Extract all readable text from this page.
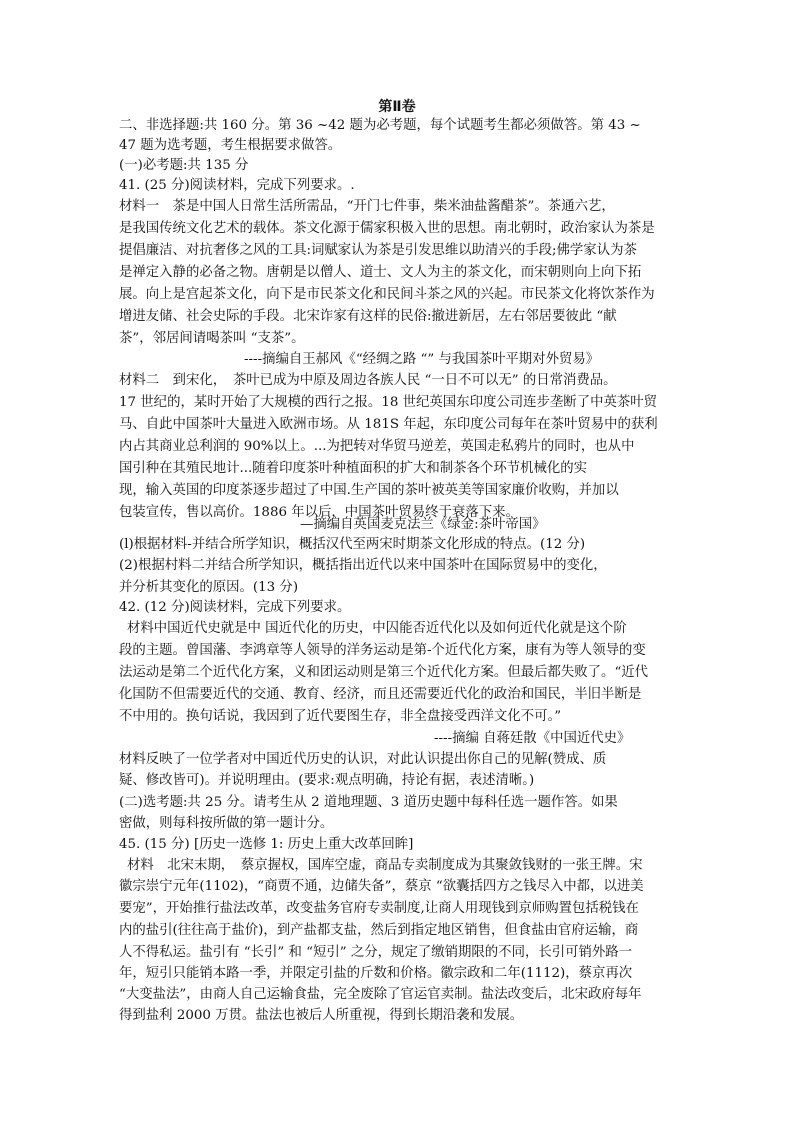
第Ⅱ卷
二、非选择题:共 160 分。第 36 ~42 题为必考题，每个试题考生都必须做答。第 43 ~
47 题为选考题，考生根据要求做答。
(一)必考题:共 135 分
41. (25 分)阅读材料，完成下列要求。.
材料一　茶是中国人日常生活所需品，“开门七件事，柴米油盐酱醋茶”。茶通六艺，
是我国传统文化艺术的载体。茶文化源于儒家积极入世的思想。南北朝时，政治家认为茶是
提倡廉洁、对抗奢侈之风的工具:词赋家认为茶是引发思维以助清兴的手段;佛学家认为茶
是禅定入静的必备之物。唐朝是以僧人、道士、文人为主的茶文化，而宋朝则向上向下拓
展。向上是宫起茶文化，向下是市民茶文化和民间斗茶之风的兴起。市民茶文化将饮茶作为
增进友储、社会史际的手段。北宋诈家有这样的民俗:撤进新居，左右邻居要彼此 “献
茶”，邻居间请喝茶叫 “支茶”。
----摘编自王郝风《“经绸之路 “” 与我国茶叶平期对外贸易》
材料二　到宋化，　茶叶已成为中原及周边各族人民 “一日不可以无” 的日常消费品。
17 世纪的，某时开始了大规模的西行之报。18 世纪英国东印度公司连步垄断了中英茶叶贸
马、自此中国茶叶大量进入欧洲市场。从 181S 年起，东印度公司每年在茶叶贸易中的获利
内占其商业总利润的 90%以上。...为把转对华贸马逆差，英国走私鸦片的同时，也从中
国引种在其殖民地计...随着印度茶叶种植面积的扩大和制茶各个环节机械化的实
现，输入英国的印度茶逐步超过了中国.生产国的茶叶被英美等国家廉价收购，并加以
包装宣传，售以高价。1886 年以后，中国茶叶贸易终于衰落下来。
—摘编自英国麦克法兰《绿金:茶叶帝国》
(l)根据材料-并结合所学知识，概括汉代至两宋时期茶文化形成的特点。(12 分)
(2)根据村料二并结合所学知识，概括指出近代以来中国茶叶在国际贸易中的变化，
并分析其变化的原因。(13 分)
42. (12 分)阅读材料，完成下列要求。
材料中国近代史就是中 国近代化的历史，中囚能否近代化以及如何近代化就是这个阶
段的主题。曾国藩、李鸿章等人领导的洋务运动是第-个近代化方案，康有为等人领导的变
法运动是第二个近代化方案，义和团运动则是第三个近代化方案。但最后都失败了。“近代
化国防不但需要近代的交通、教育、经济，而且还需要近代化的政治和国民，半旧半断是
不中用的。换句话说，我因到了近代要图生存，非全盘接受西洋文化不可。”
----摘编 自蒋廷散《中国近代史》
材料反映了一位学者对中国近代历史的认识，对此认识提出你自己的见解(赞成、质
疑、修改皆可)。并说明理由。(要求:观点明确，持论有据，表述清晰。)
(二)选考题:共 25 分。请考生从 2 道地理题、3 道历史题中每科任选一题作答。如果
密做，则每科按所做的第一题计分。
45. (15 分) [历史一选修 1: 历史上重大改革回眸]
材料　北宋末期，　蔡京握权，国库空虚，商品专卖制度成为其聚敛钱财的一张王牌。宋
徽宗崇宁元年(1102)，“商贾不通，边储失备”，蔡京 “欲囊括四方之钱尽入中都，以进美
要宠”，开始推行盐法改革，改变盐务官府专卖制度,让商人用现钱到京师购置包括税钱在
内的盐引(往往高于盐价)，到产盐都支盐，然后到指定地区销售，但食盐由官府运输，商
人不得私运。盐引有 “长引” 和 “短引” 之分，规定了缴销期限的不同，长引可销外路一
年，短引只能销本路一季，并限定引盐的斤数和价格。徽宗政和二年(1112)，蔡京再次
“大变盐法”，由商人自己运输食盐，完全废除了官运官卖制。盐法改变后，北宋政府每年
得到盐利 2000 万贯。盐法也被后人所重视，得到长期沿袭和发展。
